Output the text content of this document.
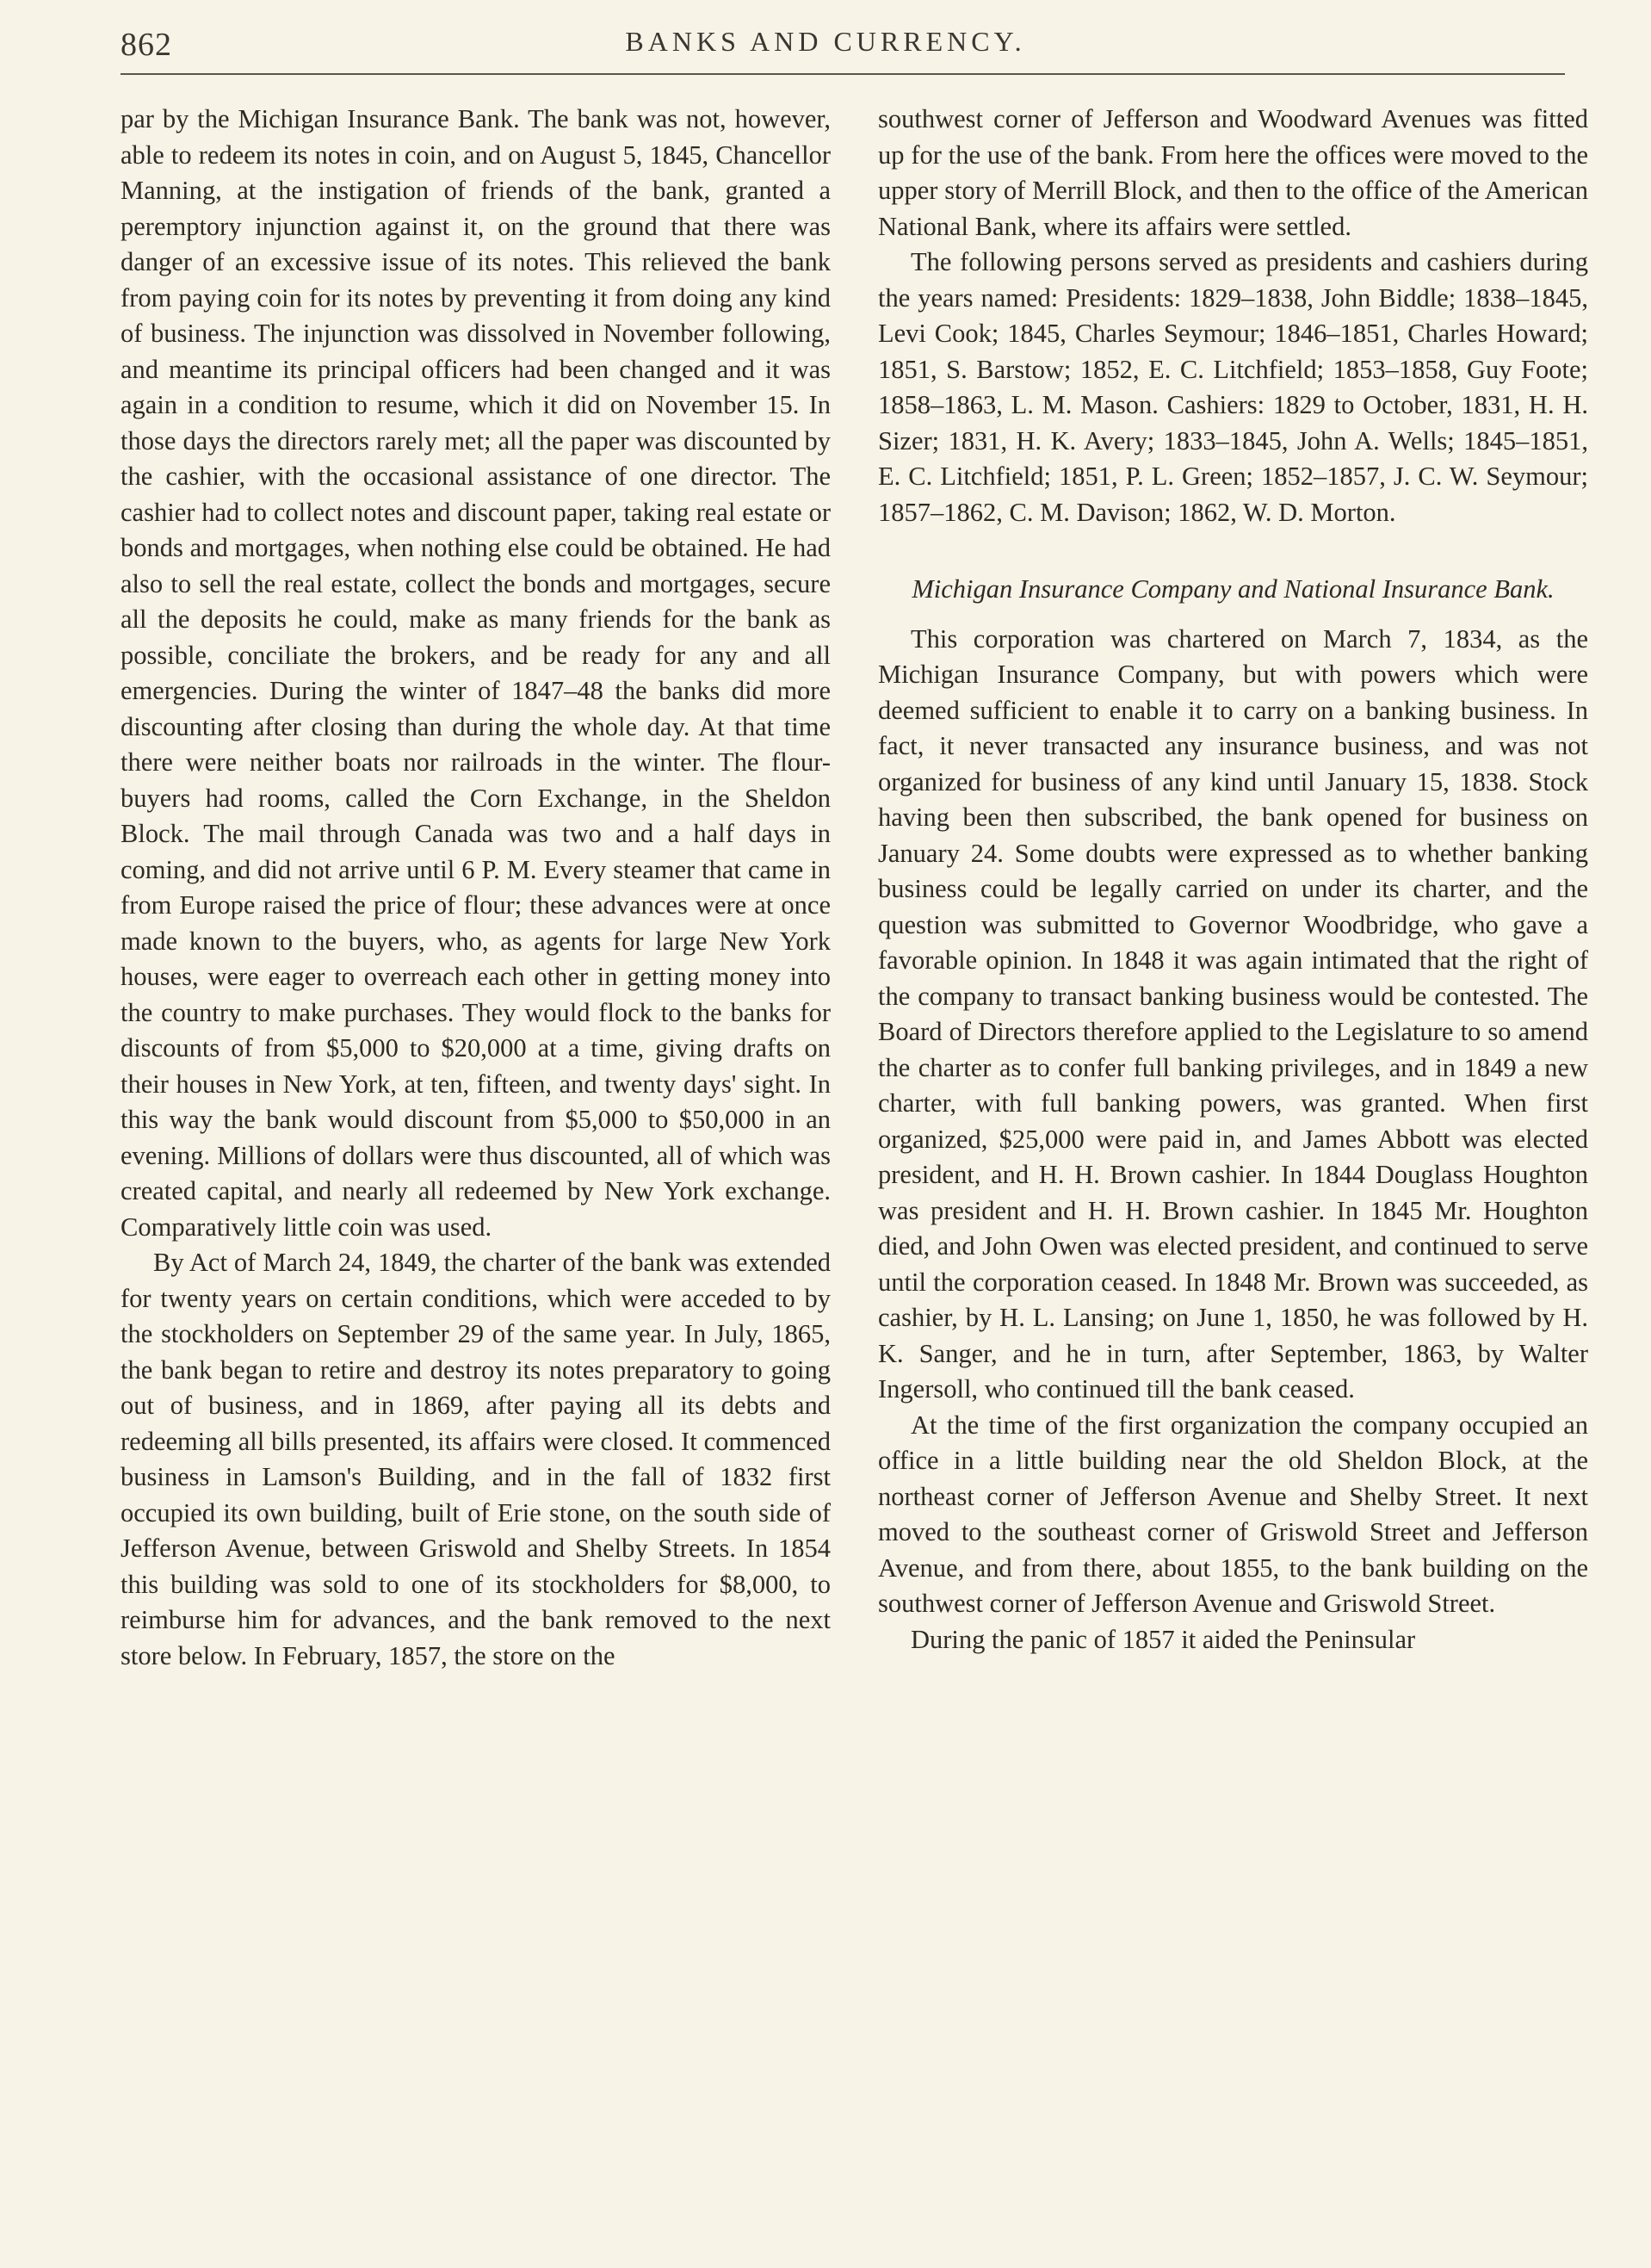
862	BANKS AND CURRENCY.

par by the Michigan Insurance Bank. The bank was not, however, able to redeem its notes in coin, and on August 5, 1845, Chancellor Manning, at the instigation of friends of the bank, granted a peremptory injunction against it, on the ground that there was danger of an excessive issue of its notes. This relieved the bank from paying coin for its notes by preventing it from doing any kind of business. The injunction was dissolved in November following, and meantime its principal officers had been changed and it was again in a condition to resume, which it did on November 15. In those days the directors rarely met; all the paper was discounted by the cashier, with the occasional assistance of one director. The cashier had to collect notes and discount paper, taking real estate or bonds and mortgages, when nothing else could be obtained. He had also to sell the real estate, collect the bonds and mortgages, secure all the deposits he could, make as many friends for the bank as possible, conciliate the brokers, and be ready for any and all emergencies. During the winter of 1847–48 the banks did more discounting after closing than during the whole day. At that time there were neither boats nor railroads in the winter. The flour-buyers had rooms, called the Corn Exchange, in the Sheldon Block. The mail through Canada was two and a half days in coming, and did not arrive until 6 P. M. Every steamer that came in from Europe raised the price of flour; these advances were at once made known to the buyers, who, as agents for large New York houses, were eager to overreach each other in getting money into the country to make purchases. They would flock to the banks for discounts of from $5,000 to $20,000 at a time, giving drafts on their houses in New York, at ten, fifteen, and twenty days' sight. In this way the bank would discount from $5,000 to $50,000 in an evening. Millions of dollars were thus discounted, all of which was created capital, and nearly all redeemed by New York exchange. Comparatively little coin was used.

By Act of March 24, 1849, the charter of the bank was extended for twenty years on certain conditions, which were acceded to by the stockholders on September 29 of the same year. In July, 1865, the bank began to retire and destroy its notes preparatory to going out of business, and in 1869, after paying all its debts and redeeming all bills presented, its affairs were closed. It commenced business in Lamson's Building, and in the fall of 1832 first occupied its own building, built of Erie stone, on the south side of Jefferson Avenue, between Griswold and Shelby Streets. In 1854 this building was sold to one of its stockholders for $8,000, to reimburse him for advances, and the bank removed to the next store below. In February, 1857, the store on the

southwest corner of Jefferson and Woodward Avenues was fitted up for the use of the bank. From here the offices were moved to the upper story of Merrill Block, and then to the office of the American National Bank, where its affairs were settled.

The following persons served as presidents and cashiers during the years named: Presidents: 1829–1838, John Biddle; 1838–1845, Levi Cook; 1845, Charles Seymour; 1846–1851, Charles Howard; 1851, S. Barstow; 1852, E. C. Litchfield; 1853–1858, Guy Foote; 1858–1863, L. M. Mason. Cashiers: 1829 to October, 1831, H. H. Sizer; 1831, H. K. Avery; 1833–1845, John A. Wells; 1845–1851, E. C. Litchfield; 1851, P. L. Green; 1852–1857, J. C. W. Seymour; 1857–1862, C. M. Davison; 1862, W. D. Morton.

Michigan Insurance Company and National Insurance Bank.

This corporation was chartered on March 7, 1834, as the Michigan Insurance Company, but with powers which were deemed sufficient to enable it to carry on a banking business. In fact, it never transacted any insurance business, and was not organized for business of any kind until January 15, 1838. Stock having been then subscribed, the bank opened for business on January 24. Some doubts were expressed as to whether banking business could be legally carried on under its charter, and the question was submitted to Governor Woodbridge, who gave a favorable opinion. In 1848 it was again intimated that the right of the company to transact banking business would be contested. The Board of Directors therefore applied to the Legislature to so amend the charter as to confer full banking privileges, and in 1849 a new charter, with full banking powers, was granted. When first organized, $25,000 were paid in, and James Abbott was elected president, and H. H. Brown cashier. In 1844 Douglass Houghton was president and H. H. Brown cashier. In 1845 Mr. Houghton died, and John Owen was elected president, and continued to serve until the corporation ceased. In 1848 Mr. Brown was succeeded, as cashier, by H. L. Lansing; on June 1, 1850, he was followed by H. K. Sanger, and he in turn, after September, 1863, by Walter Ingersoll, who continued till the bank ceased.

At the time of the first organization the company occupied an office in a little building near the old Sheldon Block, at the northeast corner of Jefferson Avenue and Shelby Street. It next moved to the southeast corner of Griswold Street and Jefferson Avenue, and from there, about 1855, to the bank building on the southwest corner of Jefferson Avenue and Griswold Street.

During the panic of 1857 it aided the Peninsular
